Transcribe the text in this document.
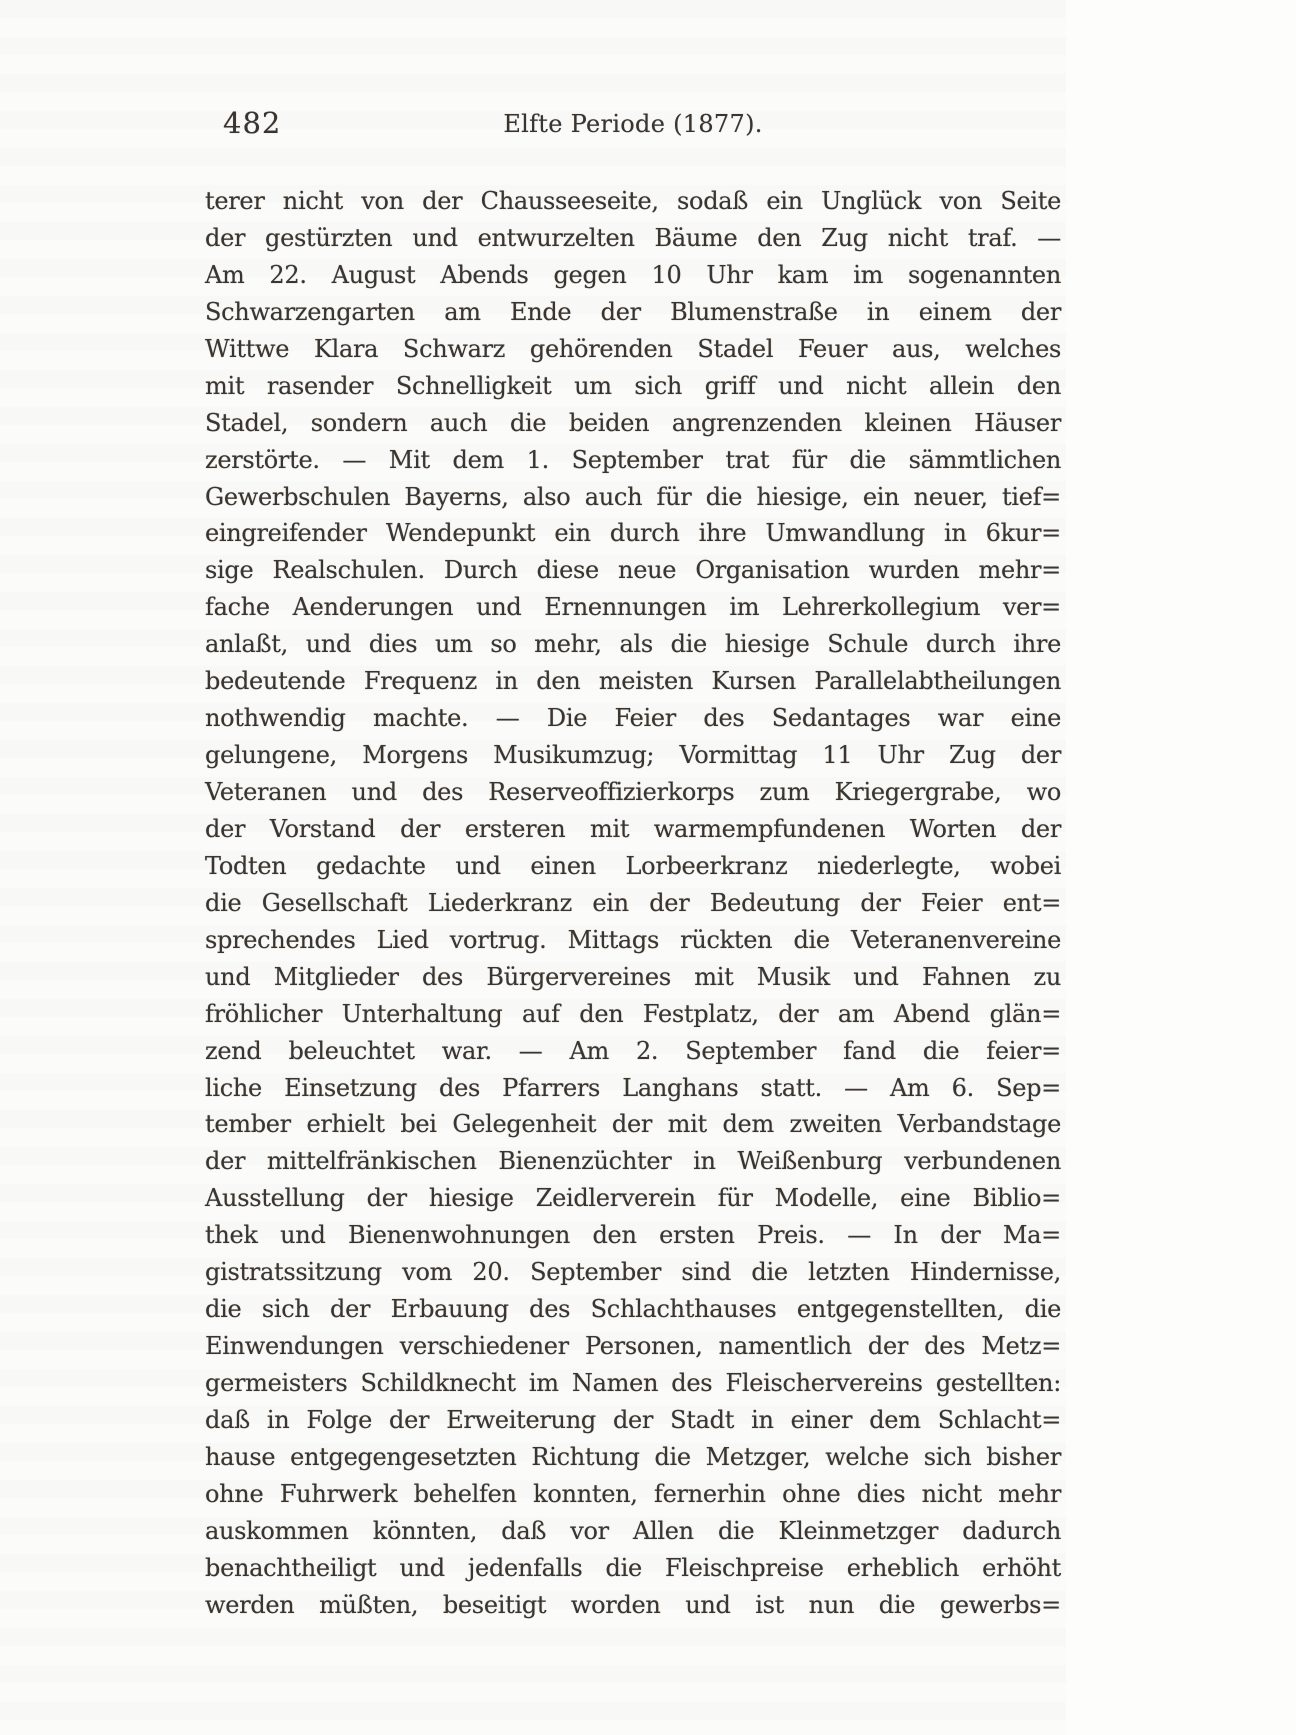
482	Elfte Periode (1877).
terer nicht von der Chausseeseite, sodaß ein Unglück von Seite
der gestürzten und entwurzelten Bäume den Zug nicht traf. —
Am 22. August Abends gegen 10 Uhr kam im sogenannten
Schwarzengarten am Ende der Blumenstraße in einem der
Wittwe Klara Schwarz gehörenden Stadel Feuer aus, welches
mit rasender Schnelligkeit um sich griff und nicht allein den
Stadel, sondern auch die beiden angrenzenden kleinen Häuser
zerstörte. — Mit dem 1. September trat für die sämmtlichen
Gewerbschulen Bayerns, also auch für die hiesige, ein neuer, tief=
eingreifender Wendepunkt ein durch ihre Umwandlung in 6kur=
sige Realschulen. Durch diese neue Organisation wurden mehr=
fache Aenderungen und Ernennungen im Lehrerkollegium ver=
anlaßt, und dies um so mehr, als die hiesige Schule durch ihre
bedeutende Frequenz in den meisten Kursen Parallelabtheilungen
nothwendig machte. — Die Feier des Sedantages war eine
gelungene, Morgens Musikumzug; Vormittag 11 Uhr Zug der
Veteranen und des Reserveoffizierkorps zum Kriegergrabe, wo
der Vorstand der ersteren mit warmempfundenen Worten der
Todten gedachte und einen Lorbeerkranz niederlegte, wobei
die Gesellschaft Liederkranz ein der Bedeutung der Feier ent=
sprechendes Lied vortrug. Mittags rückten die Veteranenvereine
und Mitglieder des Bürgervereines mit Musik und Fahnen zu
fröhlicher Unterhaltung auf den Festplatz, der am Abend glän=
zend beleuchtet war. — Am 2. September fand die feier=
liche Einsetzung des Pfarrers Langhans statt. — Am 6. Sep=
tember erhielt bei Gelegenheit der mit dem zweiten Verbandstage
der mittelfränkischen Bienenzüchter in Weißenburg verbundenen
Ausstellung der hiesige Zeidlerverein für Modelle, eine Biblio=
thek und Bienenwohnungen den ersten Preis. — In der Ma=
gistratssitzung vom 20. September sind die letzten Hindernisse,
die sich der Erbauung des Schlachthauses entgegenstellten, die
Einwendungen verschiedener Personen, namentlich der des Metz=
germeisters Schildknecht im Namen des Fleischervereins gestellten:
daß in Folge der Erweiterung der Stadt in einer dem Schlacht=
hause entgegengesetzten Richtung die Metzger, welche sich bisher
ohne Fuhrwerk behelfen konnten, fernerhin ohne dies nicht mehr
auskommen könnten, daß vor Allen die Kleinmetzger dadurch
benachtheiligt und jedenfalls die Fleischpreise erheblich erhöht
werden müßten, beseitigt worden und ist nun die gewerbs=
